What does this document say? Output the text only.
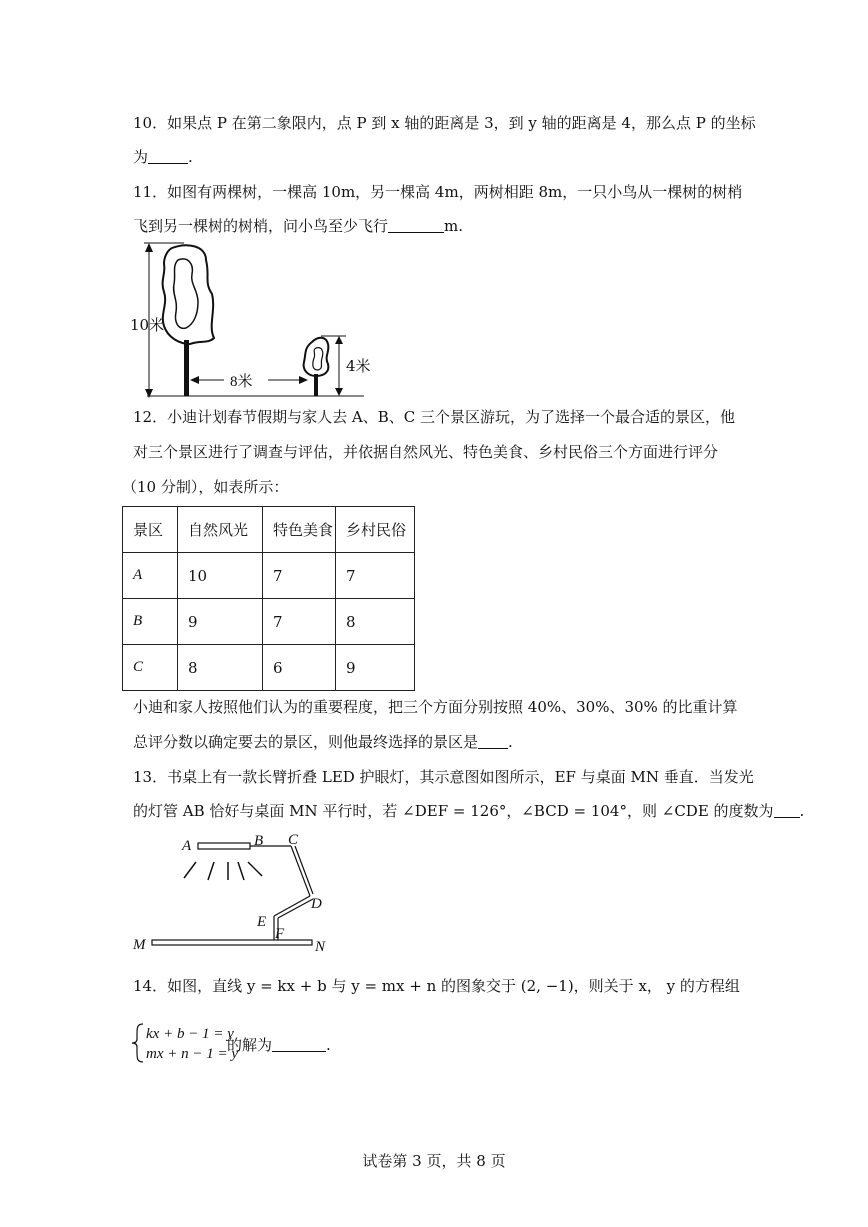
10．如果点 P 在第二象限内，点 P 到 x 轴的距离是 3，到 y 轴的距离是 4，那么点 P 的坐标
为	.
11．如图有两棵树，一棵高 10m，另一棵高 4m，两树相距 8m，一只小鸟从一棵树的树梢
飞到另一棵树的树梢，问小鸟至少飞行	m.
8米
10米
4米
12．小迪计划春节假期与家人去 A、B、C 三个景区游玩，为了选择一个最合适的景区，他
对三个景区进行了调查与评估，并依据自然风光、特色美食、乡村民俗三个方面进行评分
（10 分制），如表所示：
景区	自然风光	特色美食	乡村民俗
A	10	7	7
B	9	7	8
C	8	6	9
小迪和家人按照他们认为的重要程度，把三个方面分别按照 40%、30%、30% 的比重计算
总评分数以确定要去的景区，则他最终选择的景区是 .
13．书桌上有一款长臂折叠 LED 护眼灯，其示意图如图所示，EF 与桌面 MN 垂直．当发光
的灯管 AB 恰好与桌面 MN 平行时，若 ∠DEF = 126°，∠BCD = 104°，则 ∠CDE 的度数为 .
A	B C
D
E
F
M	N
14．如图，直线 y = kx + b 与 y = mx + n 的图象交于 (2, −1)，则关于 x， y 的方程组
kx + b − 1 = y
mx + n − 1 = y
的解为	.
试卷第 3 页，共 8 页
